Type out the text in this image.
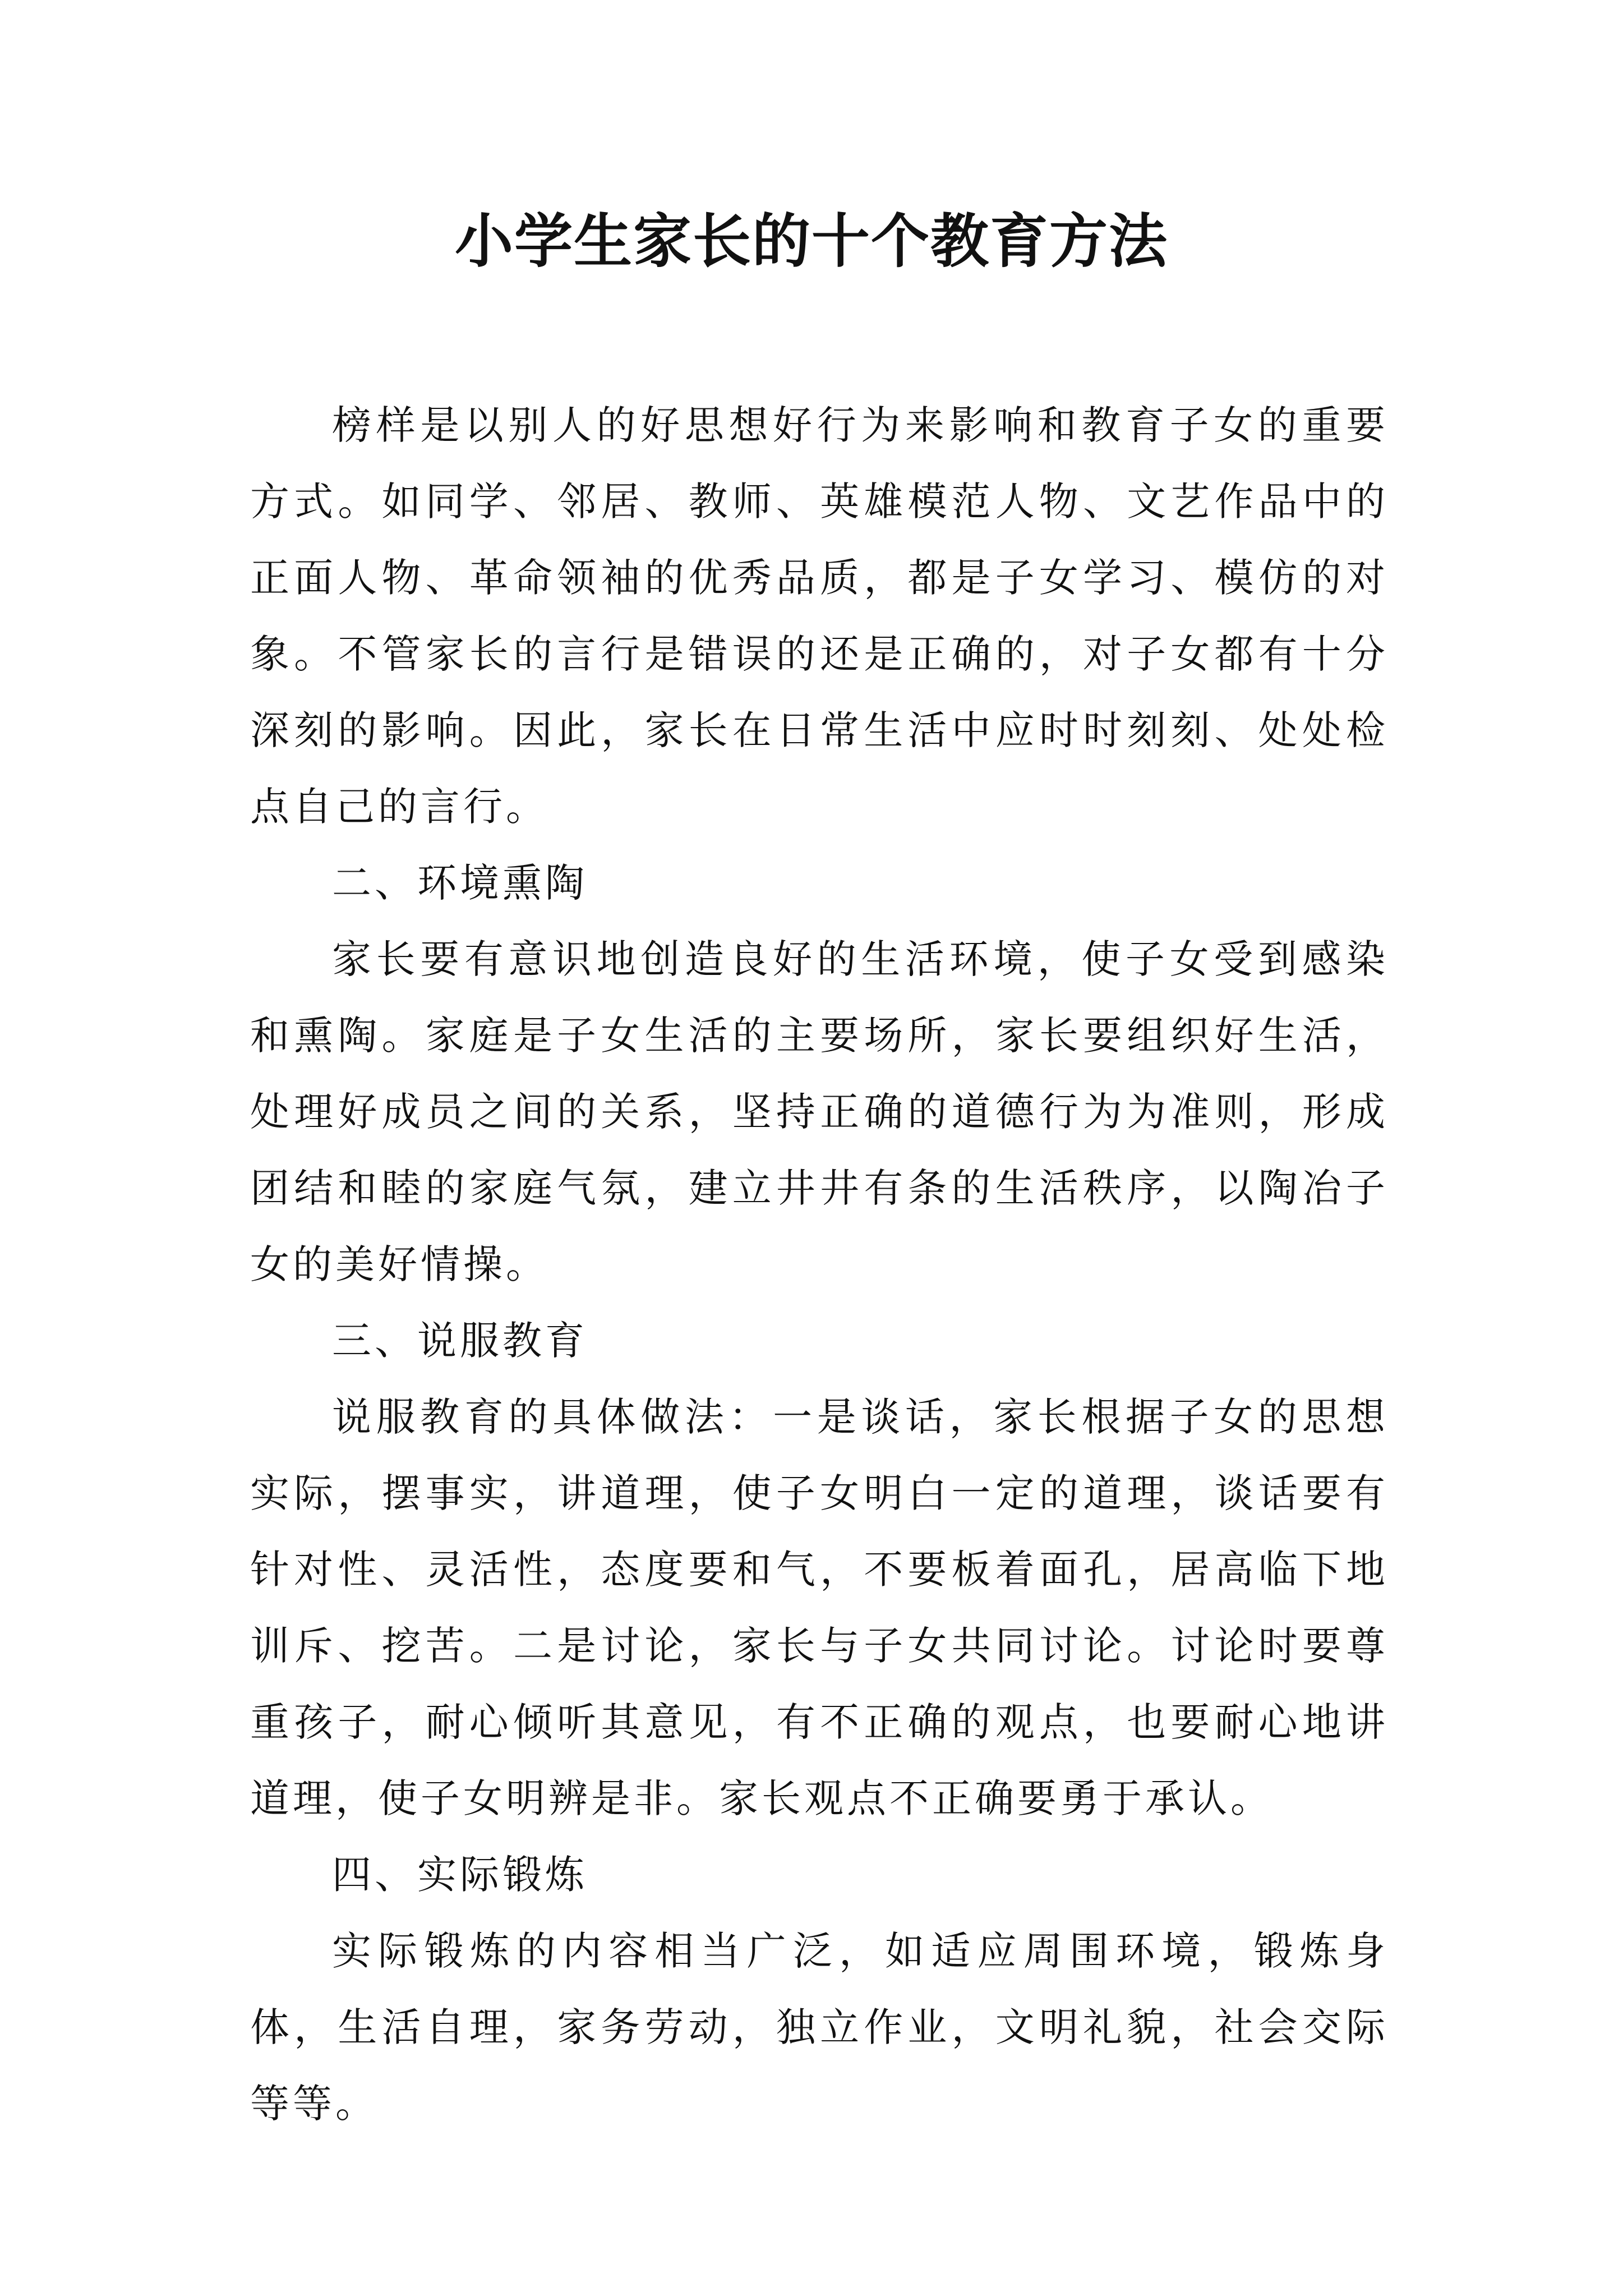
小学生家长的十个教育方法

榜样是以别人的好思想好行为来影响和教育子女的重要方式。如同学、邻居、教师、英雄模范人物、文艺作品中的正面人物、革命领袖的优秀品质，都是子女学习、模仿的对象。不管家长的言行是错误的还是正确的，对子女都有十分深刻的影响。因此，家长在日常生活中应时时刻刻、处处检点自己的言行。

二、环境熏陶

家长要有意识地创造良好的生活环境，使子女受到感染和熏陶。家庭是子女生活的主要场所，家长要组织好生活，处理好成员之间的关系，坚持正确的道德行为为准则，形成团结和睦的家庭气氛，建立井井有条的生活秩序，以陶冶子女的美好情操。

三、说服教育

说服教育的具体做法：一是谈话，家长根据子女的思想实际，摆事实，讲道理，使子女明白一定的道理，谈话要有针对性、灵活性，态度要和气，不要板着面孔，居高临下地训斥、挖苦。二是讨论，家长与子女共同讨论。讨论时要尊重孩子，耐心倾听其意见，有不正确的观点，也要耐心地讲道理，使子女明辨是非。家长观点不正确要勇于承认。

四、实际锻炼

实际锻炼的内容相当广泛，如适应周围环境，锻炼身体，生活自理，家务劳动，独立作业，文明礼貌，社会交际等等。
